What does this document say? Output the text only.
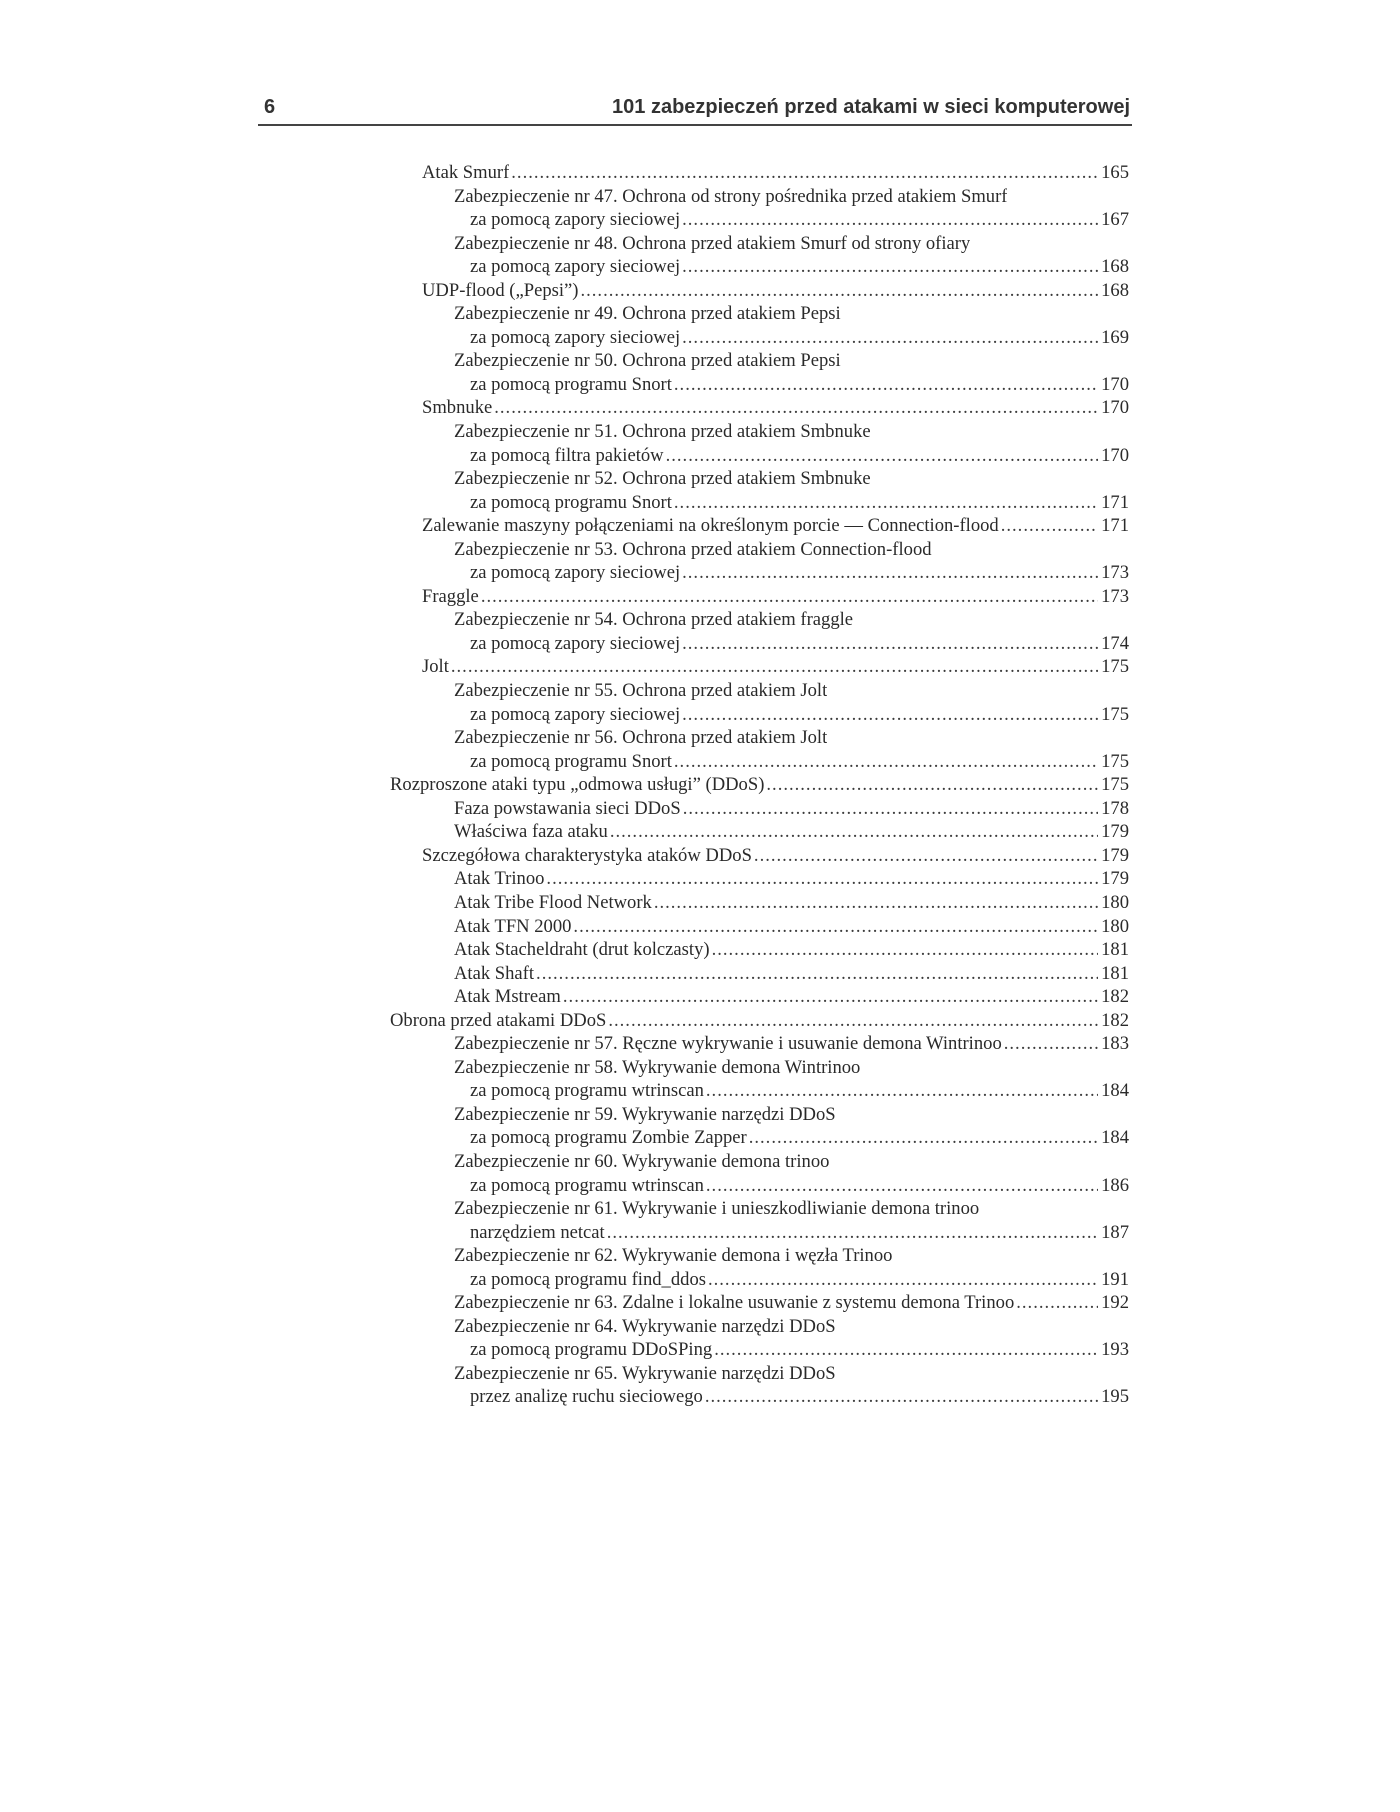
6	101 zabezpieczeń przed atakami w sieci komputerowej
Atak Smurf .....	165
Zabezpieczenie nr 47. Ochrona od strony pośrednika przed atakiem Smurf
za pomocą zapory sieciowej .....	167
Zabezpieczenie nr 48. Ochrona przed atakiem Smurf od strony ofiary
za pomocą zapory sieciowej .....	168
UDP-flood („Pepsi”) .....	168
Zabezpieczenie nr 49. Ochrona przed atakiem Pepsi
za pomocą zapory sieciowej .....	169
Zabezpieczenie nr 50. Ochrona przed atakiem Pepsi
za pomocą programu Snort .....	170
Smbnuke .....	170
Zabezpieczenie nr 51. Ochrona przed atakiem Smbnuke
za pomocą filtra pakietów .....	170
Zabezpieczenie nr 52. Ochrona przed atakiem Smbnuke
za pomocą programu Snort .....	171
Zalewanie maszyny połączeniami na określonym porcie — Connection-flood .....	171
Zabezpieczenie nr 53. Ochrona przed atakiem Connection-flood
za pomocą zapory sieciowej .....	173
Fraggle .....	173
Zabezpieczenie nr 54. Ochrona przed atakiem fraggle
za pomocą zapory sieciowej .....	174
Jolt .....	175
Zabezpieczenie nr 55. Ochrona przed atakiem Jolt
za pomocą zapory sieciowej .....	175
Zabezpieczenie nr 56. Ochrona przed atakiem Jolt
za pomocą programu Snort .....	175
Rozproszone ataki typu „odmowa usługi” (DDoS) .....	175
Faza powstawania sieci DDoS .....	178
Właściwa faza ataku .....	179
Szczegółowa charakterystyka ataków DDoS .....	179
Atak Trinoo .....	179
Atak Tribe Flood Network .....	180
Atak TFN 2000 .....	180
Atak Stacheldraht (drut kolczasty) .....	181
Atak Shaft .....	181
Atak Mstream .....	182
Obrona przed atakami DDoS .....	182
Zabezpieczenie nr 57. Ręczne wykrywanie i usuwanie demona Wintrinoo .....	183
Zabezpieczenie nr 58. Wykrywanie demona Wintrinoo
za pomocą programu wtrinscan .....	184
Zabezpieczenie nr 59. Wykrywanie narzędzi DDoS
za pomocą programu Zombie Zapper .....	184
Zabezpieczenie nr 60. Wykrywanie demona trinoo
za pomocą programu wtrinscan .....	186
Zabezpieczenie nr 61. Wykrywanie i unieszkodliwianie demona trinoo
narzędziem netcat .....	187
Zabezpieczenie nr 62. Wykrywanie demona i węzła Trinoo
za pomocą programu find_ddos .....	191
Zabezpieczenie nr 63. Zdalne i lokalne usuwanie z systemu demona Trinoo .....	192
Zabezpieczenie nr 64. Wykrywanie narzędzi DDoS
za pomocą programu DDoSPing .....	193
Zabezpieczenie nr 65. Wykrywanie narzędzi DDoS
przez analizę ruchu sieciowego .....	195
